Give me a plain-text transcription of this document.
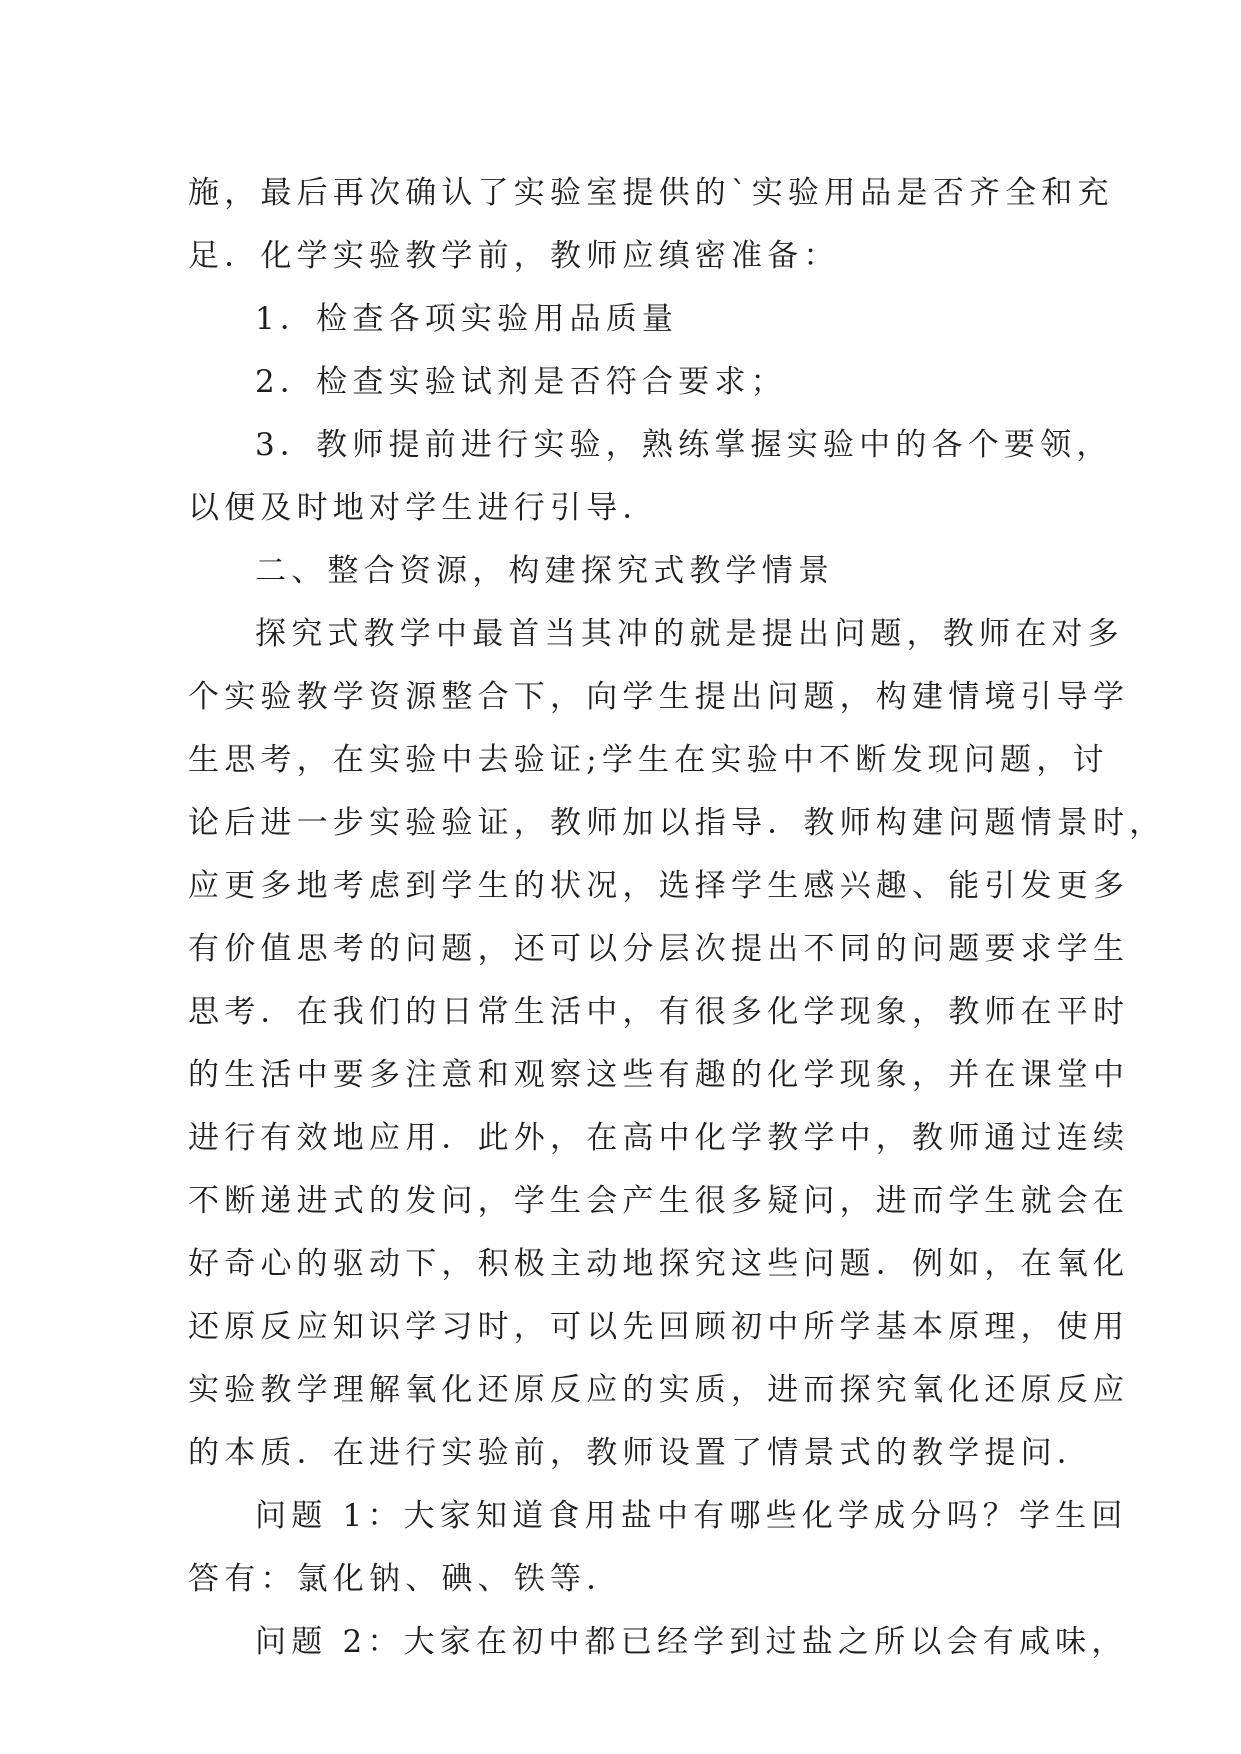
施，最后再次确认了实验室提供的`实验用品是否齐全和充
足．化学实验教学前，教师应缜密准备：
1．检查各项实验用品质量
2．检查实验试剂是否符合要求；
3．教师提前进行实验，熟练掌握实验中的各个要领，
以便及时地对学生进行引导．
二、整合资源，构建探究式教学情景
探究式教学中最首当其冲的就是提出问题，教师在对多
个实验教学资源整合下，向学生提出问题，构建情境引导学
生思考，在实验中去验证;学生在实验中不断发现问题，讨
论后进一步实验验证，教师加以指导．教师构建问题情景时，
应更多地考虑到学生的状况，选择学生感兴趣、能引发更多
有价值思考的问题，还可以分层次提出不同的问题要求学生
思考．在我们的日常生活中，有很多化学现象，教师在平时
的生活中要多注意和观察这些有趣的化学现象，并在课堂中
进行有效地应用．此外，在高中化学教学中，教师通过连续
不断递进式的发问，学生会产生很多疑问，进而学生就会在
好奇心的驱动下，积极主动地探究这些问题．例如，在氧化
还原反应知识学习时，可以先回顾初中所学基本原理，使用
实验教学理解氧化还原反应的实质，进而探究氧化还原反应
的本质．在进行实验前，教师设置了情景式的教学提问．
问题 1：大家知道食用盐中有哪些化学成分吗？学生回
答有：氯化钠、碘、铁等．
问题 2：大家在初中都已经学到过盐之所以会有咸味，
